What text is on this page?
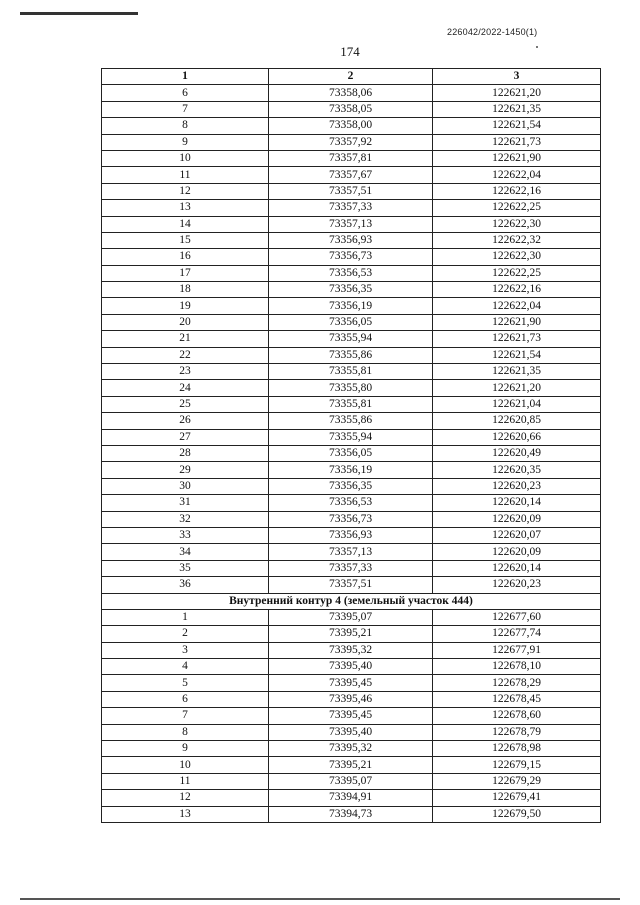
226042/2022-1450(1)
174
1	2	3
6	73358,06	122621,20
7	73358,05	122621,35
8	73358,00	122621,54
9	73357,92	122621,73
10	73357,81	122621,90
11	73357,67	122622,04
12	73357,51	122622,16
13	73357,33	122622,25
14	73357,13	122622,30
15	73356,93	122622,32
16	73356,73	122622,30
17	73356,53	122622,25
18	73356,35	122622,16
19	73356,19	122622,04
20	73356,05	122621,90
21	73355,94	122621,73
22	73355,86	122621,54
23	73355,81	122621,35
24	73355,80	122621,20
25	73355,81	122621,04
26	73355,86	122620,85
27	73355,94	122620,66
28	73356,05	122620,49
29	73356,19	122620,35
30	73356,35	122620,23
31	73356,53	122620,14
32	73356,73	122620,09
33	73356,93	122620,07
34	73357,13	122620,09
35	73357,33	122620,14
36	73357,51	122620,23
Внутренний контур 4 (земельный участок 444)		
1	73395,07	122677,60
2	73395,21	122677,74
3	73395,32	122677,91
4	73395,40	122678,10
5	73395,45	122678,29
6	73395,46	122678,45
7	73395,45	122678,60
8	73395,40	122678,79
9	73395,32	122678,98
10	73395,21	122679,15
11	73395,07	122679,29
12	73394,91	122679,41
13	73394,73	122679,50
